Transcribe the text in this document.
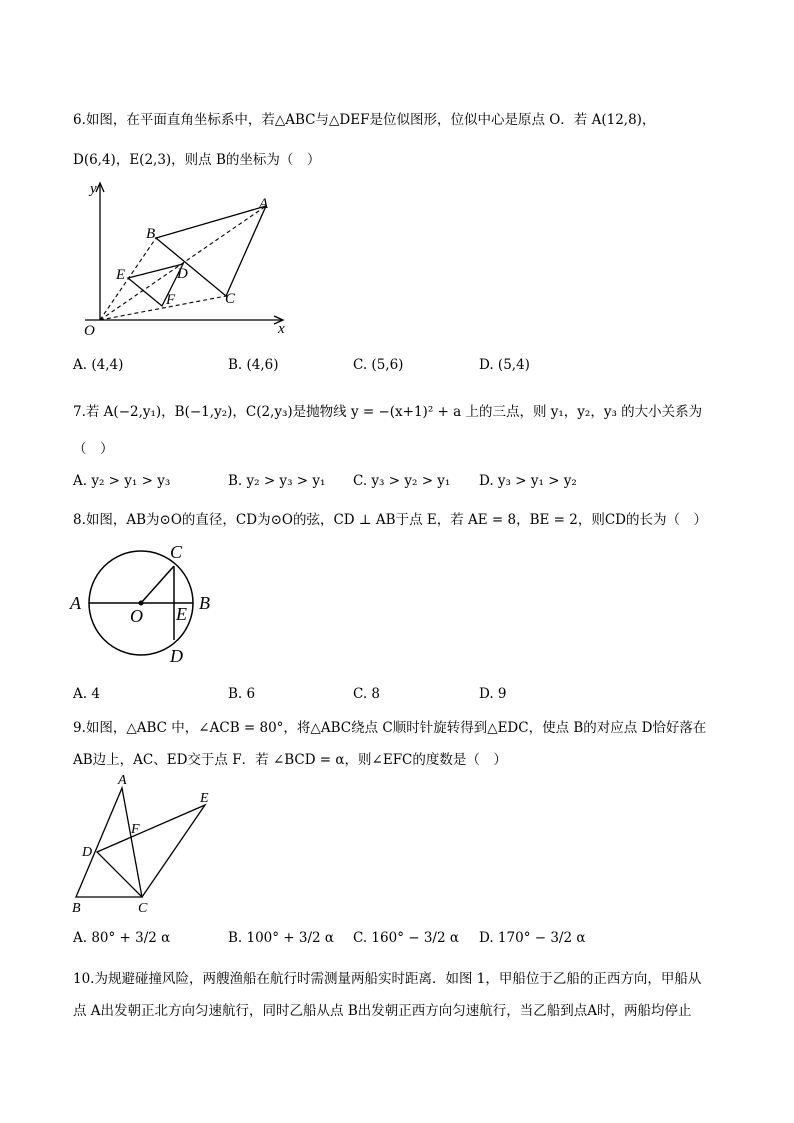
6.如图，在平面直角坐标系中，若△ABC与△DEF是位似图形，位似中心是原点 O．若 A(12,8)，
D(6,4)，E(2,3)，则点 B的坐标为（　）
y
x
O
A
B
C
D
E
F
A. (4,4)	B. (4,6)	C. (5,6)	D. (5,4)
7.若 A(−2,y₁)，B(−1,y₂)，C(2,y₃)是抛物线 y = −(x+1)² + a 上的三点，则 y₁，y₂，y₃ 的大小关系为
（　）
A. y₂ > y₁ > y₃	B. y₂ > y₃ > y₁ C. y₃ > y₂ > y₁ D. y₃ > y₁ > y₂
8.如图，AB为⊙O的直径，CD为⊙O的弦，CD ⊥ AB于点 E，若 AE = 8，BE = 2，则CD的长为（　）
A	B
C
D
O E
A. 4	B. 6	C. 8	D. 9
9.如图，△ABC 中，∠ACB = 80°，将△ABC绕点 C顺时针旋转得到△EDC，使点 B的对应点 D恰好落在
AB边上，AC、ED交于点 F．若 ∠BCD = α，则∠EFC的度数是（　）
A
B	C
D
E
F
A. 80° + 3/2 α	B. 100° + 3/2 α C. 160° − 3/2 α D. 170° − 3/2 α
10.为规避碰撞风险，两艘渔船在航行时需测量两船实时距离．如图 1，甲船位于乙船的正西方向，甲船从
点 A出发朝正北方向匀速航行，同时乙船从点 B出发朝正西方向匀速航行，当乙船到点A时，两船均停止
